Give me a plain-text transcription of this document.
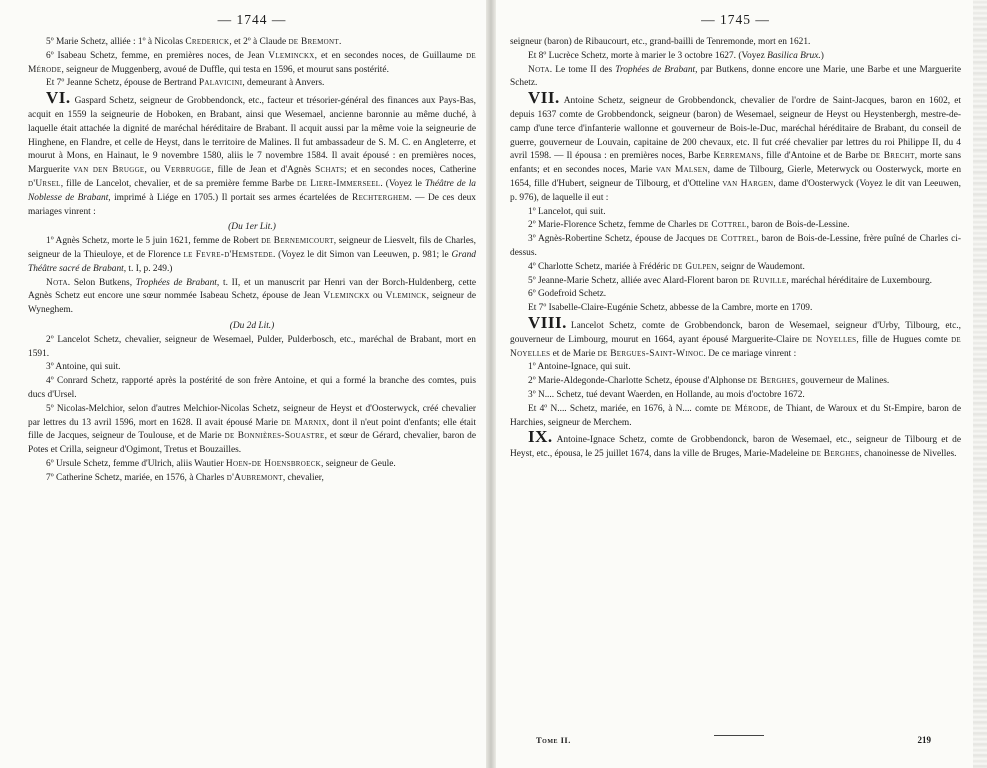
— 1744 —

5º Marie Schetz, alliée : 1º à Nicolas Crederick, et 2º à Claude de Bremont.

6º Isabeau Schetz, femme, en premières noces, de Jean Vleminckx, et en secondes noces, de Guillaume de Mérode, seigneur de Muggenberg, avoué de Duffle, qui testa en 1596, et mourut sans postérité.

Et 7º Jeanne Schetz, épouse de Bertrand Palavicini, demeurant à Anvers.

VI. Gaspard Schetz, seigneur de Grobbendonck, etc., facteur et trésorier-général des finances aux Pays-Bas, acquit en 1559 la seigneurie de Hoboken, en Brabant, ainsi que Wesemael, ancienne baronnie au même duché, à laquelle était attachée la dignité de maréchal héréditaire de Brabant. Il acquit aussi par la même voie la seigneurie de Hinghene, en Flandre, et celle de Heyst, dans le territoire de Malines. Il fut ambassadeur de S. M. C. en Angleterre, et mourut à Mons, en Hainaut, le 9 novembre 1580, aliis le 7 novembre 1584. Il avait épousé : en premières noces, Marguerite van den Brugge, ou Verbrugge, fille de Jean et d'Agnès Schats; et en secondes noces, Catherine d'Ursel, fille de Lancelot, chevalier, et de sa première femme Barbe de Liere-Immerseel. (Voyez le Théâtre de la Noblesse de Brabant, imprimé à Liége en 1705.) Il portait ses armes écartelées de Rechterghem. — De ces deux mariages vinrent :

(Du 1er Lit.)

1º Agnès Schetz, morte le 5 juin 1621, femme de Robert de Bernemicourt, seigneur de Liesvelt, fils de Charles, seigneur de la Thieuloye, et de Florence le Fevre-d'Hemstede. (Voyez le dit Simon van Leeuwen, p. 981; le Grand Théâtre sacré de Brabant, t. I, p. 249.)

Nota. Selon Butkens, Trophées de Brabant, t. II, et un manuscrit par Henri van der Borch-Huldenberg, cette Agnès Schetz eut encore une sœur nommée Isabeau Schetz, épouse de Jean Vleminckx ou Vleminck, seigneur de Wyneghem.

(Du 2d Lit.)

2º Lancelot Schetz, chevalier, seigneur de Wesemael, Pulder, Pulderbosch, etc., maréchal de Brabant, mort en 1591.

3º Antoine, qui suit.

4º Conrard Schetz, rapporté après la postérité de son frère Antoine, et qui a formé la branche des comtes, puis ducs d'Ursel.

5º Nicolas-Melchior, selon d'autres Melchior-Nicolas Schetz, seigneur de Heyst et d'Oosterwyck, créé chevalier par lettres du 13 avril 1596, mort en 1628. Il avait épousé Marie de Marnix, dont il n'eut point d'enfants; elle était fille de Jacques, seigneur de Toulouse, et de Marie de Bonnières-Souastre, et sœur de Gérard, chevalier, baron de Potes et Crilla, seigneur d'Ogimont, Tretus et Bouzailles.

6º Ursule Schetz, femme d'Ulrich, aliis Wautier Hoen-de Hoensbroeck, seigneur de Geule.

7º Catherine Schetz, mariée, en 1576, à Charles d'Aubremont, chevalier,

— 1745 —

seigneur (baron) de Ribaucourt, etc., grand-bailli de Tenremonde, mort en 1621.

Et 8º Lucrèce Schetz, morte à marier le 3 octobre 1627. (Voyez Basilica Brux.)

Nota. Le tome II des Trophées de Brabant, par Butkens, donne encore une Marie, une Barbe et une Marguerite Schetz.

VII. Antoine Schetz, seigneur de Grobbendonck, chevalier de l'ordre de Saint-Jacques, baron en 1602, et depuis 1637 comte de Grobbendonck, seigneur (baron) de Wesemael, seigneur de Heyst ou Heystenbergh, mestre-de-camp d'une terce d'infanterie wallonne et gouverneur de Bois-le-Duc, maréchal héréditaire de Brabant, du conseil de guerre, gouverneur de Louvain, capitaine de 200 chevaux, etc. Il fut créé chevalier par lettres du roi Philippe II, du 4 avril 1598. — Il épousa : en premières noces, Barbe Kerremans, fille d'Antoine et de Barbe de Brecht, morte sans enfants; et en secondes noces, Marie van Malsen, dame de Tilbourg, Gierle, Meterwyck ou Oosterwyck, morte en 1654, fille d'Hubert, seigneur de Tilbourg, et d'Otteline van Hargen, dame d'Oosterwyck (Voyez le dit van Leeuwen, p. 976), de laquelle il eut :

1º Lancelot, qui suit.

2º Marie-Florence Schetz, femme de Charles de Cottrel, baron de Bois-de-Lessine.

3º Agnès-Robertine Schetz, épouse de Jacques de Cottrel, baron de Bois-de-Lessine, frère puîné de Charles ci-dessus.

4º Charlotte Schetz, mariée à Frédéric de Gulpen, seignr de Waudemont.

5º Jeanne-Marie Schetz, alliée avec Alard-Florent baron de Ruville, maréchal héréditaire de Luxembourg.

6º Godefroid Schetz.

Et 7º Isabelle-Claire-Eugénie Schetz, abbesse de la Cambre, morte en 1709.

VIII. Lancelot Schetz, comte de Grobbendonck, baron de Wesemael, seigneur d'Urby, Tilbourg, etc., gouverneur de Limbourg, mourut en 1664, ayant épousé Marguerite-Claire de Noyelles, fille de Hugues comte de Noyelles et de Marie de Bergues-Saint-Winoc. De ce mariage vinrent :

1º Antoine-Ignace, qui suit.

2º Marie-Aldegonde-Charlotte Schetz, épouse d'Alphonse de Berghes, gouverneur de Malines.

3º N.... Schetz, tué devant Waerden, en Hollande, au mois d'octobre 1672.

Et 4º N.... Schetz, mariée, en 1676, à N.... comte de Mérode, de Thiant, de Waroux et du St-Empire, baron de Harchies, seigneur de Merchem.

IX. Antoine-Ignace Schetz, comte de Grobbendonck, baron de Wesemael, etc., seigneur de Tilbourg et de Heyst, etc., épousa, le 25 juillet 1674, dans la ville de Bruges, Marie-Madeleine de Berghes, chanoinesse de Nivelles.

Tome II.	219
